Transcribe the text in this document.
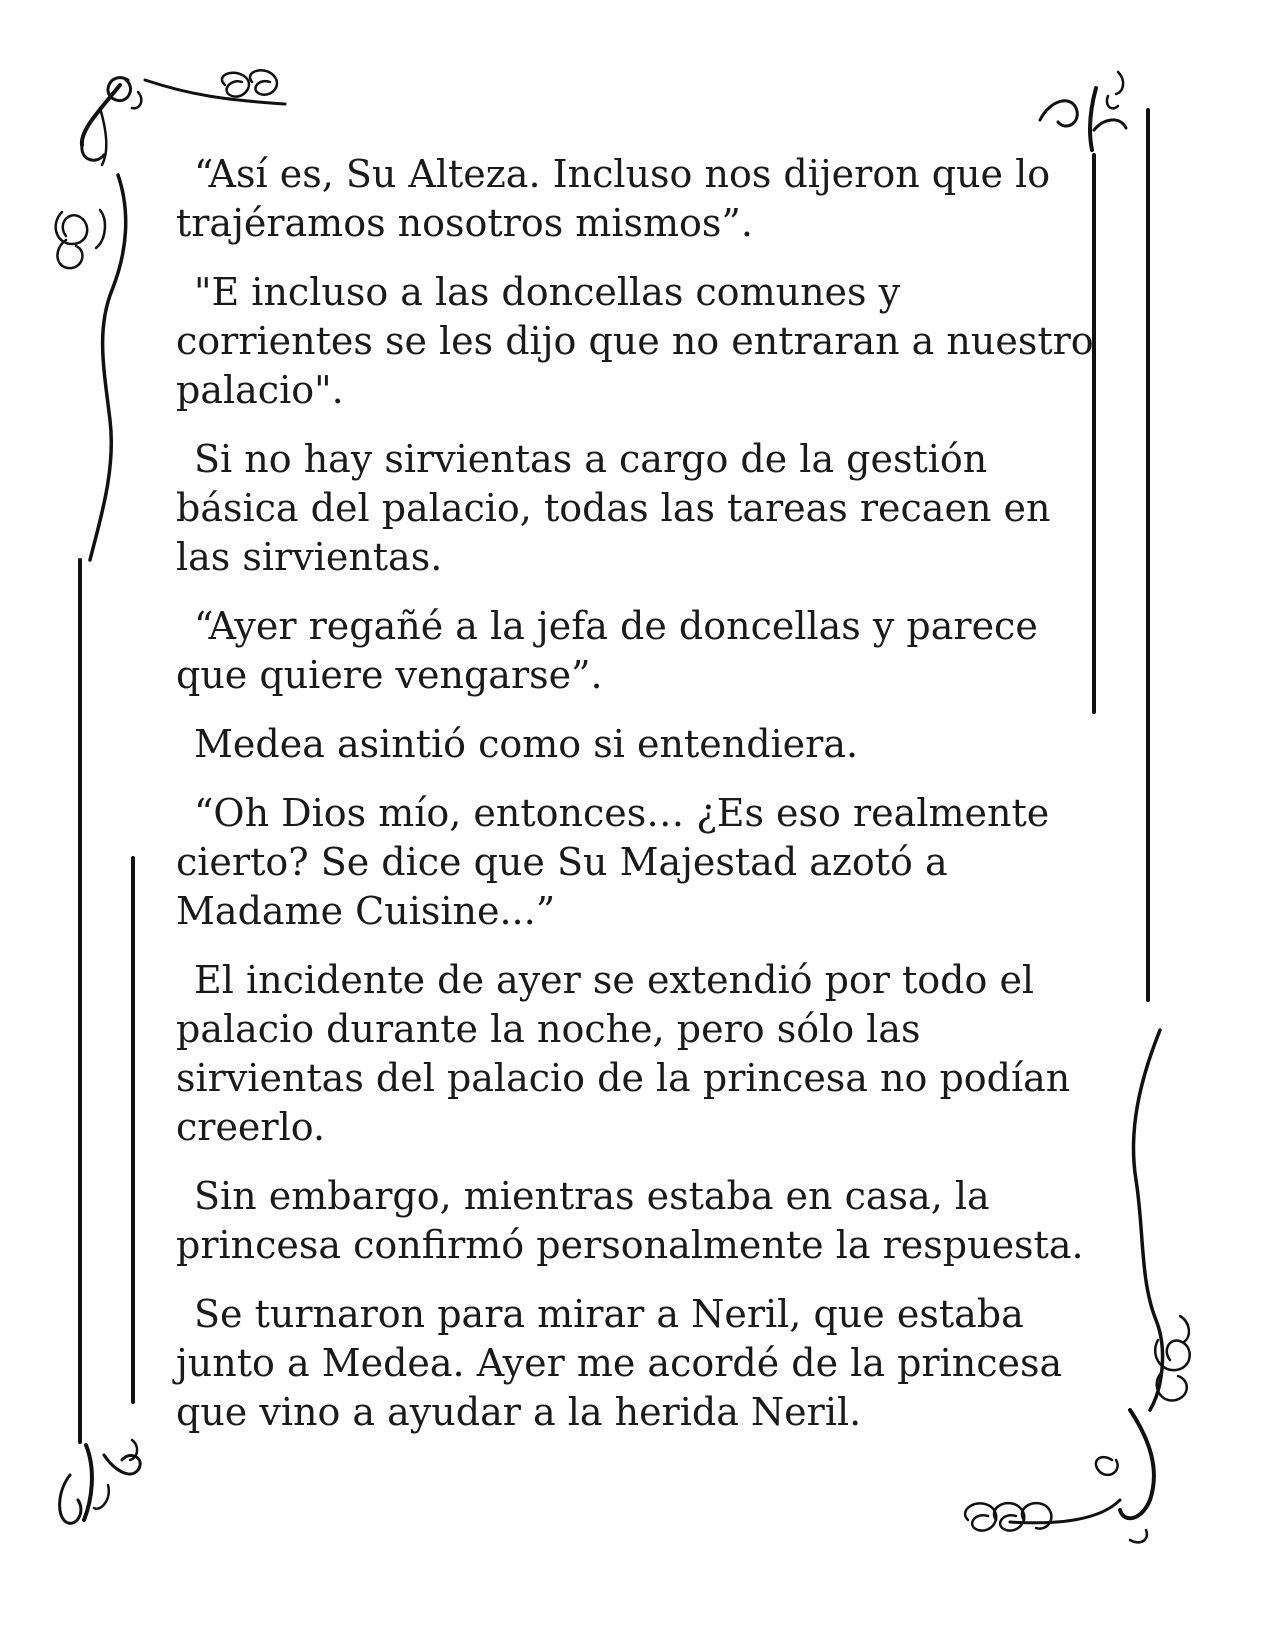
“Así es, Su Alteza. Incluso nos dijeron que lo
trajéramos nosotros mismos”.

"E incluso a las doncellas comunes y
corrientes se les dijo que no entraran a nuestro
palacio".

Si no hay sirvientas a cargo de la gestión
básica del palacio, todas las tareas recaen en
las sirvientas.

“Ayer regañé a la jefa de doncellas y parece
que quiere vengarse”.

Medea asintió como si entendiera.

“Oh Dios mío, entonces… ¿Es eso realmente
cierto? Se dice que Su Majestad azotó a
Madame Cuisine...”

El incidente de ayer se extendió por todo el
palacio durante la noche, pero sólo las
sirvientas del palacio de la princesa no podían
creerlo.

Sin embargo, mientras estaba en casa, la
princesa confirmó personalmente la respuesta.

Se turnaron para mirar a Neril, que estaba
junto a Medea. Ayer me acordé de la princesa
que vino a ayudar a la herida Neril.
